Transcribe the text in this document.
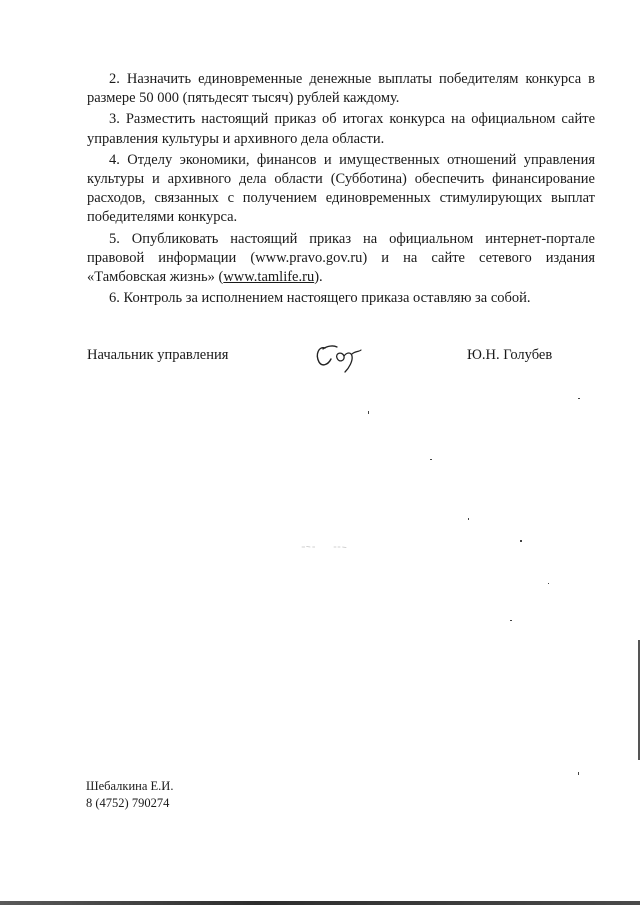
2. Назначить единовременные денежные выплаты победителям конкурса в размере 50 000 (пятьдесят тысяч) рублей каждому.

3. Разместить настоящий приказ об итогах конкурса на официальном сайте управления культуры и архивного дела области.

4. Отделу экономики, финансов и имущественных отношений управления культуры и архивного дела области (Субботина) обеспечить финансирование расходов, связанных с получением единовременных стимулирующих выплат победителями конкурса.

5. Опубликовать настоящий приказ на официальном интернет-портале правовой информации (www.pravo.gov.ru) и на сайте сетевого издания «Тамбовская жизнь» (www.tamlife.ru).

6. Контроль за исполнением настоящего приказа оставляю за собой.

Начальник управления	Ю.Н. Голубев
Шебалкина Е.И.
8 (4752) 790274
